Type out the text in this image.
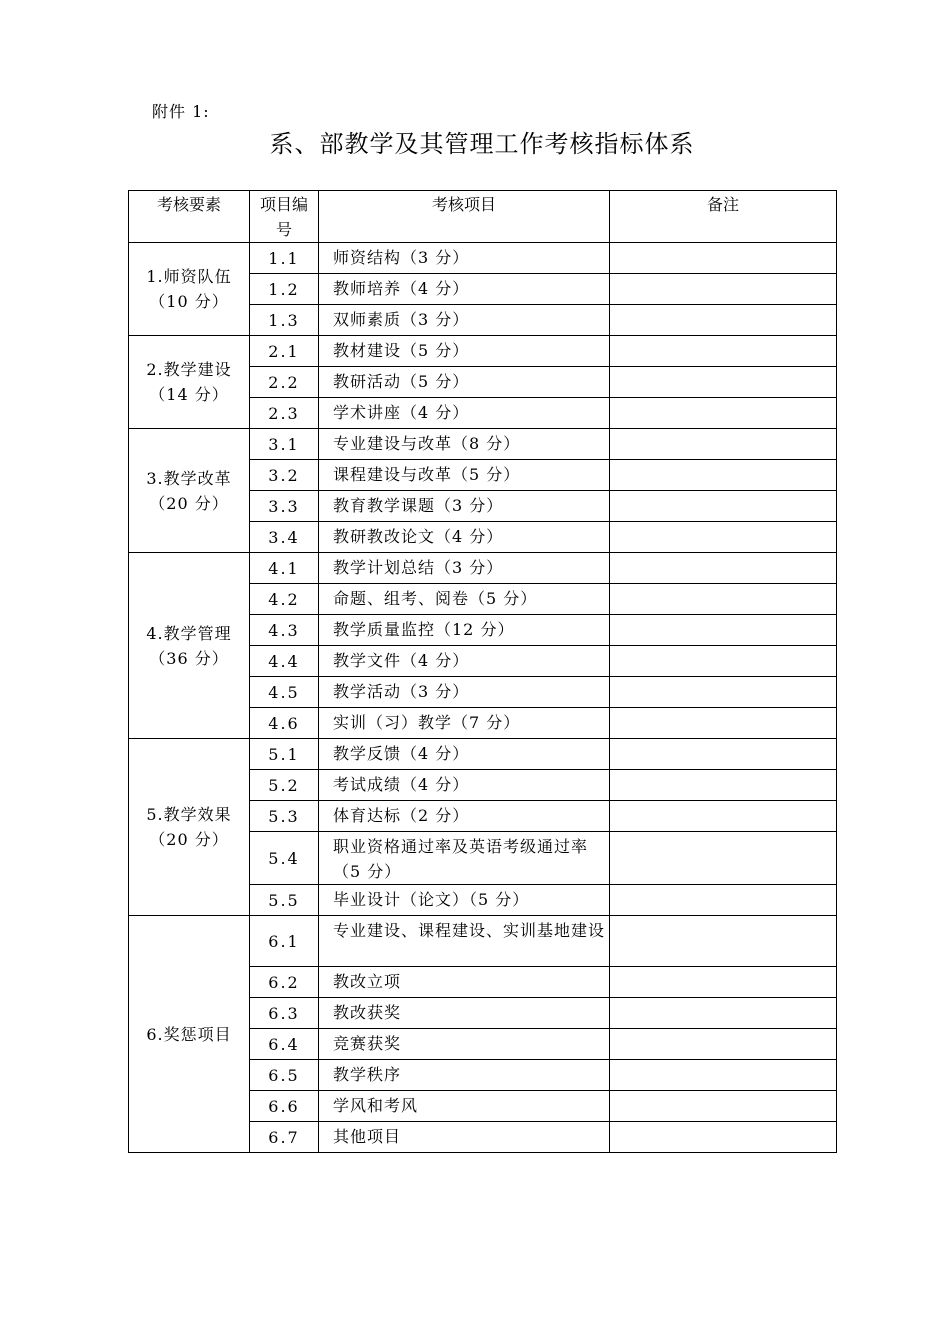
附件 1:
系、部教学及其管理工作考核指标体系
考核要素	项目编号	考核项目	备注

1.师资队伍
（10 分）	1.1	师资结构（3 分）	
	1.2	教师培养（4 分）	
	1.3	双师素质（3 分）	

2.教学建设
（14 分）	2.1	教材建设（5 分）	
	2.2	教研活动（5 分）	
	2.3	学术讲座（4 分）	

3.教学改革
（20 分）	3.1	专业建设与改革（8 分）	
	3.2	课程建设与改革（5 分）	
	3.3	教育教学课题（3 分）	
	3.4	教研教改论文（4 分）	

4.教学管理
（36 分）	4.1	教学计划总结（3 分）	
	4.2	命题、组考、阅卷（5 分）	
	4.3	教学质量监控（12 分）	
	4.4	教学文件（4 分）	
	4.5	教学活动（3 分）	
	4.6	实训（习）教学（7 分）	

5.教学效果
（20 分）	5.1	教学反馈（4 分）	
	5.2	考试成绩（4 分）	
	5.3	体育达标（2 分）	
	5.4	职业资格通过率及英语考级通过率（5 分）	
	5.5	毕业设计（论文）（5 分）	

6.奖惩项目	6.1	专业建设、课程建设、实训基地建设	
	6.2	教改立项	
	6.3	教改获奖	
	6.4	竞赛获奖	
	6.5	教学秩序	
	6.6	学风和考风	
	6.7	其他项目	
